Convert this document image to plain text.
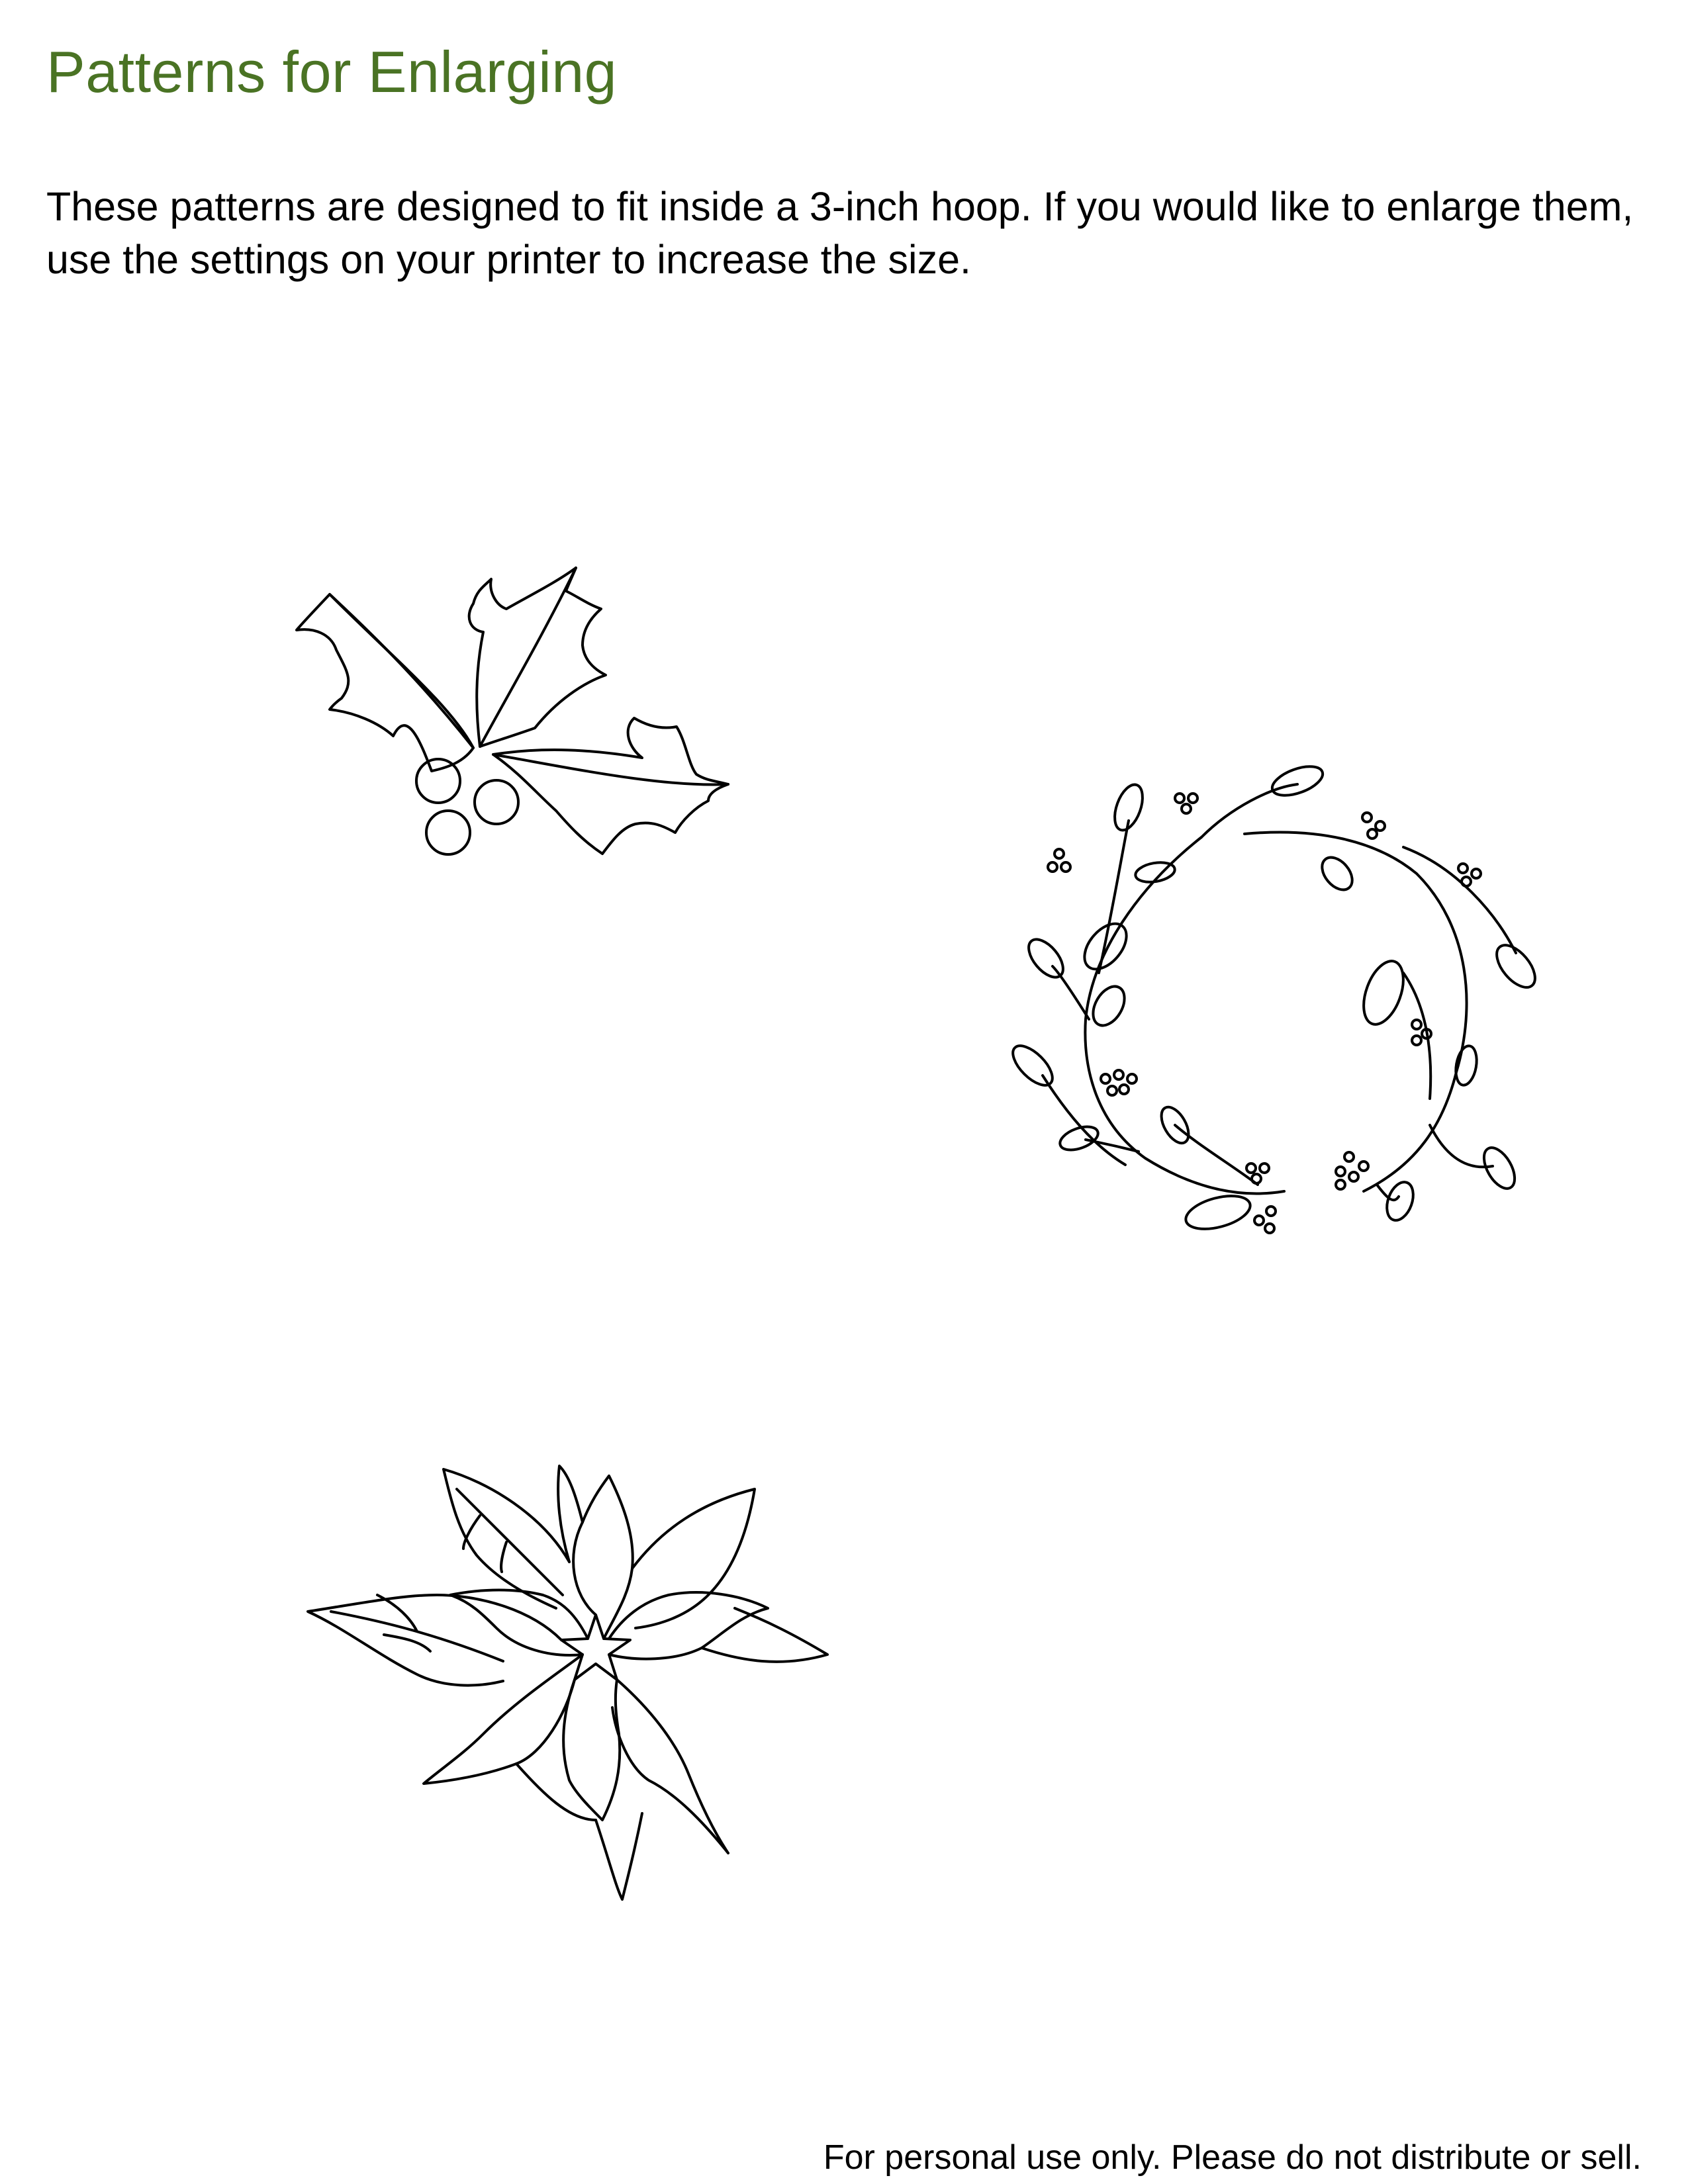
Patterns for Enlarging

These patterns are designed to fit inside a 3-inch hoop. If you would like to enlarge them, use the settings on your printer to increase the size.

For personal use only. Please do not distribute or sell.
